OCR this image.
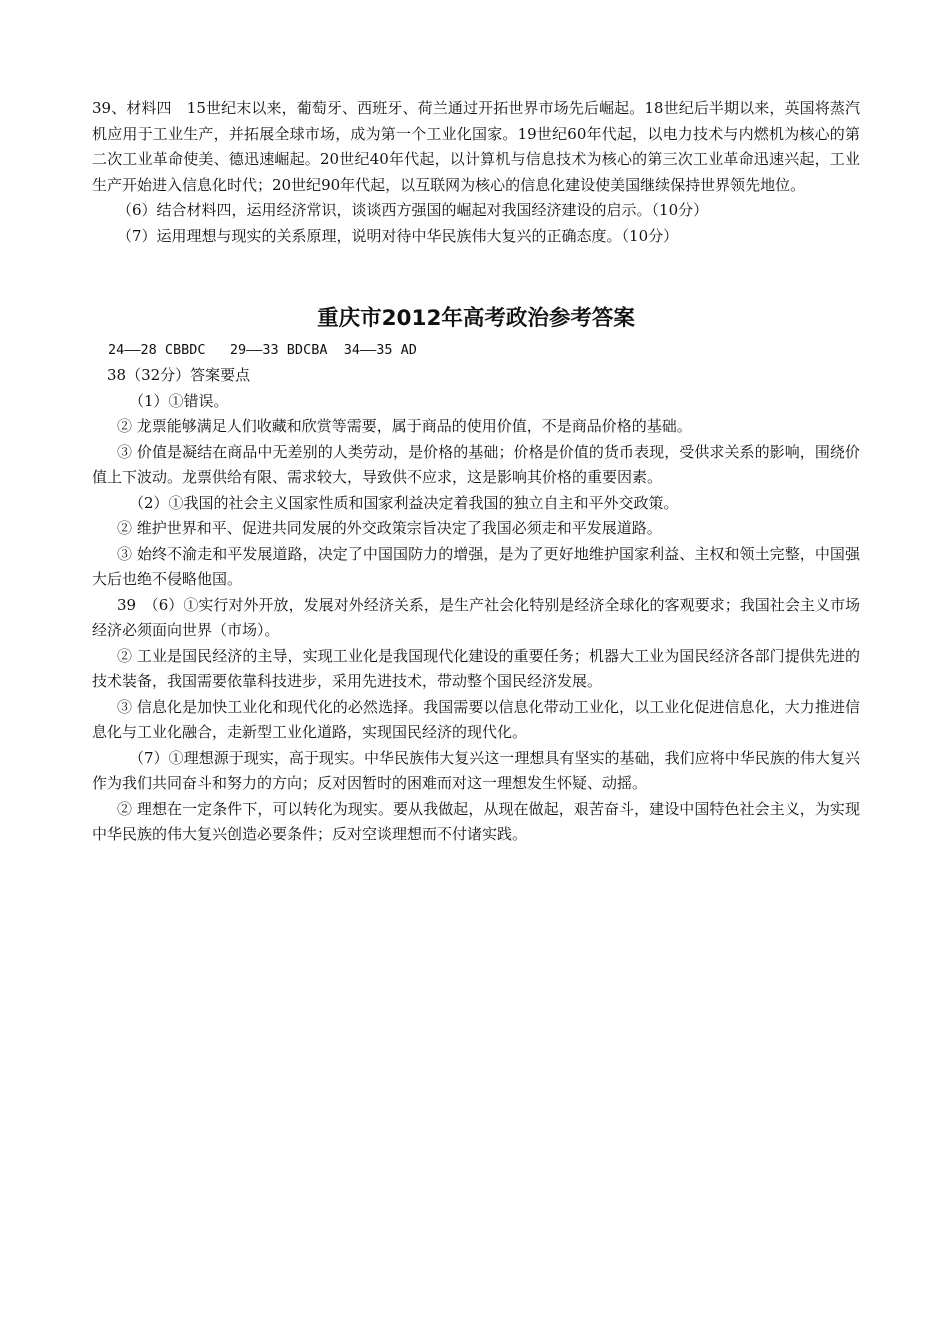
39、材料四　15世纪末以来，葡萄牙、西班牙、荷兰通过开拓世界市场先后崛起。18世纪后半期以来，英国将蒸汽机应用于工业生产，并拓展全球市场，成为第一个工业化国家。19世纪60年代起，以电力技术与内燃机为核心的第二次工业革命使美、德迅速崛起。20世纪40年代起，以计算机与信息技术为核心的第三次工业革命迅速兴起，工业生产开始进入信息化时代；20世纪90年代起，以互联网为核心的信息化建设使美国继续保持世界领先地位。

（6）结合材料四，运用经济常识，谈谈西方强国的崛起对我国经济建设的启示。（10分）

（7）运用理想与现实的关系原理，说明对待中华民族伟大复兴的正确态度。（10分）

重庆市2012年高考政治参考答案

24——28 CBBDC   29——33 BDCBA  34——35 AD

38（32分）答案要点

（1）①错误。

② 龙票能够满足人们收藏和欣赏等需要，属于商品的使用价值，不是商品价格的基础。

③ 价值是凝结在商品中无差别的人类劳动，是价格的基础；价格是价值的货币表现，受供求关系的影响，围绕价值上下波动。龙票供给有限、需求较大，导致供不应求，这是影响其价格的重要因素。

（2）①我国的社会主义国家性质和国家利益决定着我国的独立自主和平外交政策。

② 维护世界和平、促进共同发展的外交政策宗旨决定了我国必须走和平发展道路。

③ 始终不渝走和平发展道路，决定了中国国防力的增强，是为了更好地维护国家利益、主权和领土完整，中国强大后也绝不侵略他国。

39　（6）①实行对外开放，发展对外经济关系，是生产社会化特别是经济全球化的客观要求；我国社会主义市场经济必须面向世界（市场）。

② 工业是国民经济的主导，实现工业化是我国现代化建设的重要任务；机器大工业为国民经济各部门提供先进的技术装备，我国需要依靠科技进步，采用先进技术，带动整个国民经济发展。

③ 信息化是加快工业化和现代化的必然选择。我国需要以信息化带动工业化，以工业化促进信息化，大力推进信息化与工业化融合，走新型工业化道路，实现国民经济的现代化。

（7）①理想源于现实，高于现实。中华民族伟大复兴这一理想具有坚实的基础，我们应将中华民族的伟大复兴作为我们共同奋斗和努力的方向；反对因暂时的困难而对这一理想发生怀疑、动摇。

② 理想在一定条件下，可以转化为现实。要从我做起，从现在做起，艰苦奋斗，建设中国特色社会主义，为实现中华民族的伟大复兴创造必要条件；反对空谈理想而不付诸实践。
